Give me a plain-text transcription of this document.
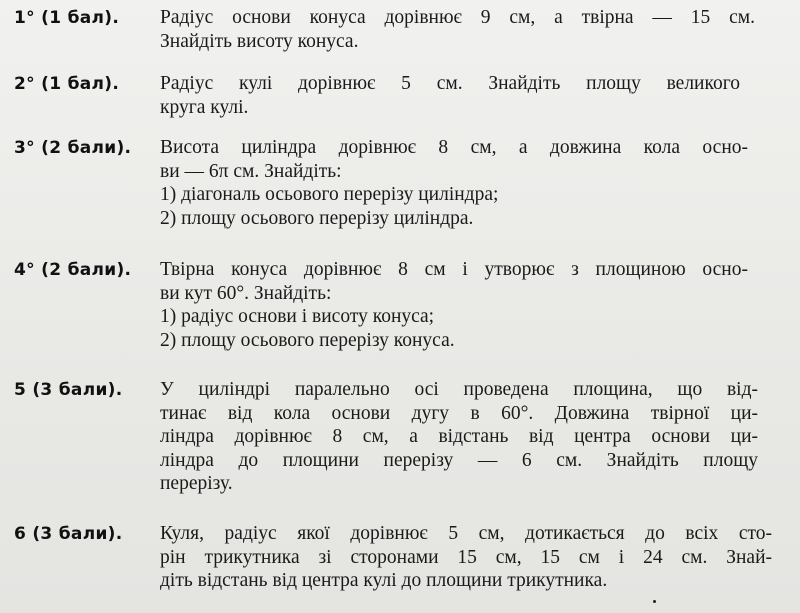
1° (1 бал). Радіус основи конуса дорівнює 9 см, а твірна — 15 см.
Знайдіть висоту конуса.
2° (1 бал). Радіус кулі дорівнює 5 см. Знайдіть площу великого
круга кулі.
3° (2 бали). Висота циліндра дорівнює 8 см, а довжина кола осно-
ви — 6π см. Знайдіть:
1) діагональ осьового перерізу циліндра;
2) площу осьового перерізу циліндра.
4° (2 бали). Твірна конуса дорівнює 8 см і утворює з площиною осно-
ви кут 60°. Знайдіть:
1) радіус основи і висоту конуса;
2) площу осьового перерізу конуса.
5 (3 бали). У циліндрі паралельно осі проведена площина, що від-
тинає від кола основи дугу в 60°. Довжина твірної ци-
ліндра дорівнює 8 см, а відстань від центра основи ци-
ліндра до площини перерізу — 6 см. Знайдіть площу
перерізу.
6 (3 бали). Куля, радіус якої дорівнює 5 см, дотикається до всіх сто-
рін трикутника зі сторонами 15 см, 15 см і 24 см. Знай-
діть відстань від центра кулі до площини трикутника.
